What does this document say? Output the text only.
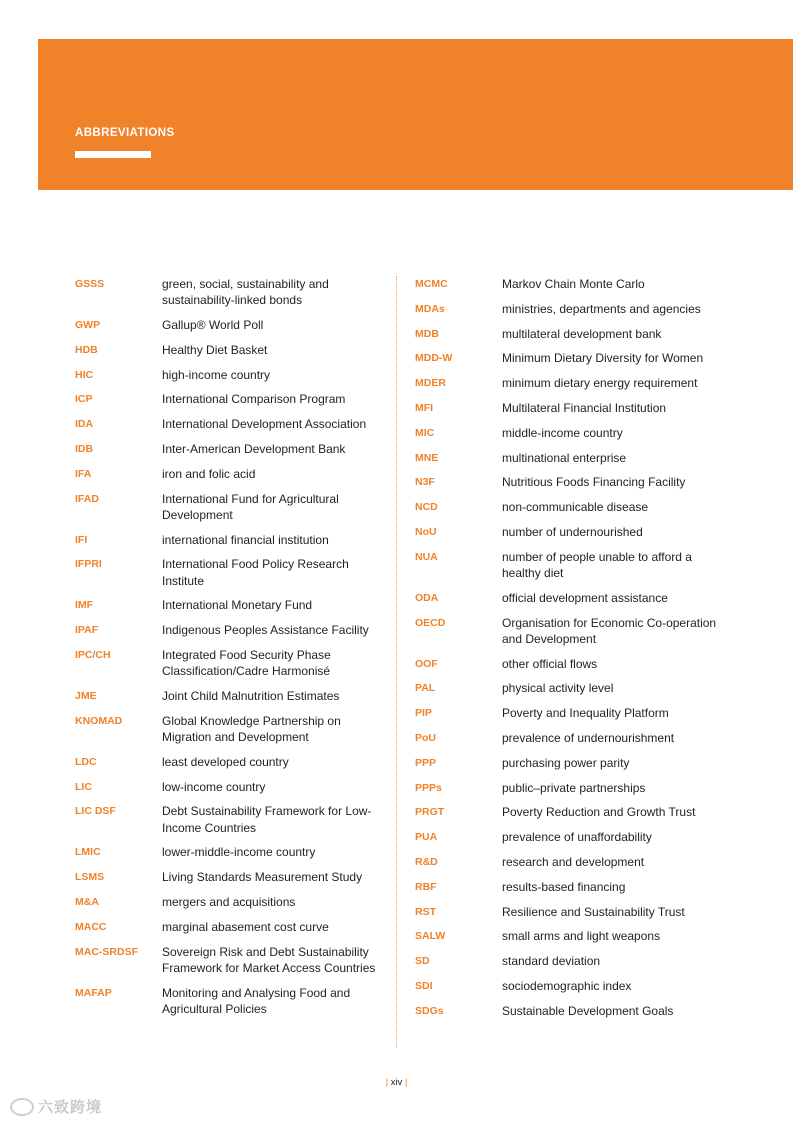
ABBREVIATIONS
GSSS	green, social, sustainability and sustainability-linked bonds
GWP	Gallup® World Poll
HDB	Healthy Diet Basket
HIC	high-income country
ICP	International Comparison Program
IDA	International Development Association
IDB	Inter-American Development Bank
IFA	iron and folic acid
IFAD	International Fund for Agricultural Development
IFI	international financial institution
IFPRI	International Food Policy Research Institute
IMF	International Monetary Fund
IPAF	Indigenous Peoples Assistance Facility
IPC/CH	Integrated Food Security Phase Classification/Cadre Harmonisé
JME	Joint Child Malnutrition Estimates
KNOMAD	Global Knowledge Partnership on Migration and Development
LDC	least developed country
LIC	low-income country
LIC DSF	Debt Sustainability Framework for Low-Income Countries
LMIC	lower-middle-income country
LSMS	Living Standards Measurement Study
M&A	mergers and acquisitions
MACC	marginal abasement cost curve
MAC-SRDSF	Sovereign Risk and Debt Sustainability Framework for Market Access Countries
MAFAP	Monitoring and Analysing Food and Agricultural Policies
MCMC	Markov Chain Monte Carlo
MDAs	ministries, departments and agencies
MDB	multilateral development bank
MDD-W	Minimum Dietary Diversity for Women
MDER	minimum dietary energy requirement
MFI	Multilateral Financial Institution
MIC	middle-income country
MNE	multinational enterprise
N3F	Nutritious Foods Financing Facility
NCD	non-communicable disease
NoU	number of undernourished
NUA	number of people unable to afford a healthy diet
ODA	official development assistance
OECD	Organisation for Economic Co-operation and Development
OOF	other official flows
PAL	physical activity level
PIP	Poverty and Inequality Platform
PoU	prevalence of undernourishment
PPP	purchasing power parity
PPPs	public–private partnerships
PRGT	Poverty Reduction and Growth Trust
PUA	prevalence of unaffordability
R&D	research and development
RBF	results-based financing
RST	Resilience and Sustainability Trust
SALW	small arms and light weapons
SD	standard deviation
SDI	sociodemographic index
SDGs	Sustainable Development Goals
| xiv |
六致跨境
